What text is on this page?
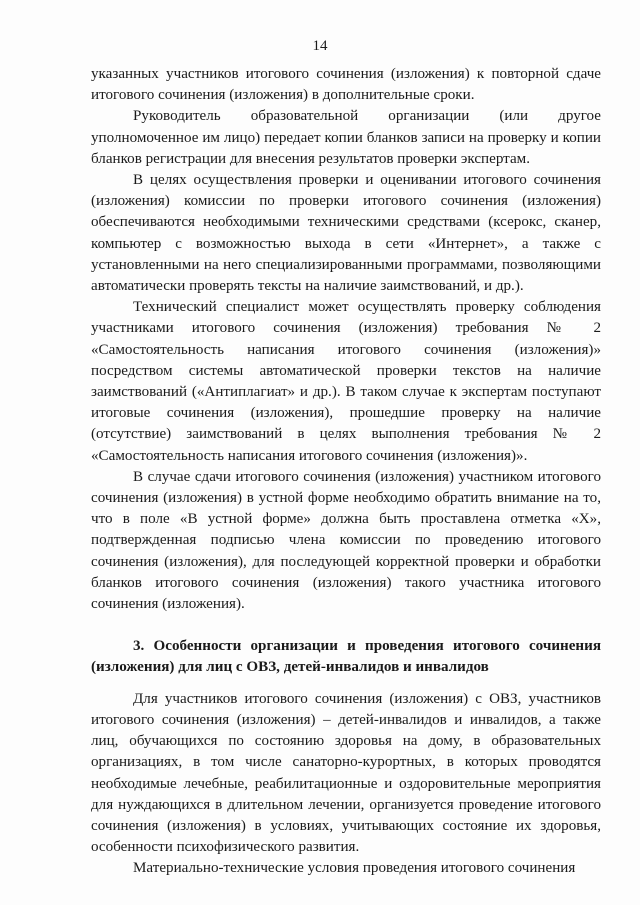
14

указанных участников итогового сочинения (изложения) к повторной сдаче итогового сочинения (изложения) в дополнительные сроки.

Руководитель образовательной организации (или другое уполномоченное им лицо) передает копии бланков записи на проверку и копии бланков регистрации для внесения результатов проверки экспертам.

В целях осуществления проверки и оценивании итогового сочинения (изложения) комиссии по проверки итогового сочинения (изложения) обеспечиваются необходимыми техническими средствами (ксерокс, сканер, компьютер с возможностью выхода в сети «Интернет», а также с установленными на него специализированными программами, позволяющими автоматически проверять тексты на наличие заимствований, и др.).

Технический специалист может осуществлять проверку соблюдения участниками итогового сочинения (изложения) требования № 2 «Самостоятельность написания итогового сочинения (изложения)» посредством системы автоматической проверки текстов на наличие заимствований («Антиплагиат» и др.). В таком случае к экспертам поступают итоговые сочинения (изложения), прошедшие проверку на наличие (отсутствие) заимствований в целях выполнения требования № 2 «Самостоятельность написания итогового сочинения (изложения)».

В случае сдачи итогового сочинения (изложения) участником итогового сочинения (изложения) в устной форме необходимо обратить внимание на то, что в поле «В устной форме» должна быть проставлена отметка «Х», подтвержденная подписью члена комиссии по проведению итогового сочинения (изложения), для последующей корректной проверки и обработки бланков итогового сочинения (изложения) такого участника итогового сочинения (изложения).

3. Особенности организации и проведения итогового сочинения (изложения) для лиц с ОВЗ, детей-инвалидов и инвалидов

Для участников итогового сочинения (изложения) с ОВЗ, участников итогового сочинения (изложения) – детей-инвалидов и инвалидов, а также лиц, обучающихся по состоянию здоровья на дому, в образовательных организациях, в том числе санаторно-курортных, в которых проводятся необходимые лечебные, реабилитационные и оздоровительные мероприятия для нуждающихся в длительном лечении, организуется проведение итогового сочинения (изложения) в условиях, учитывающих состояние их здоровья, особенности психофизического развития.

Материально-технические условия проведения итогового сочинения
